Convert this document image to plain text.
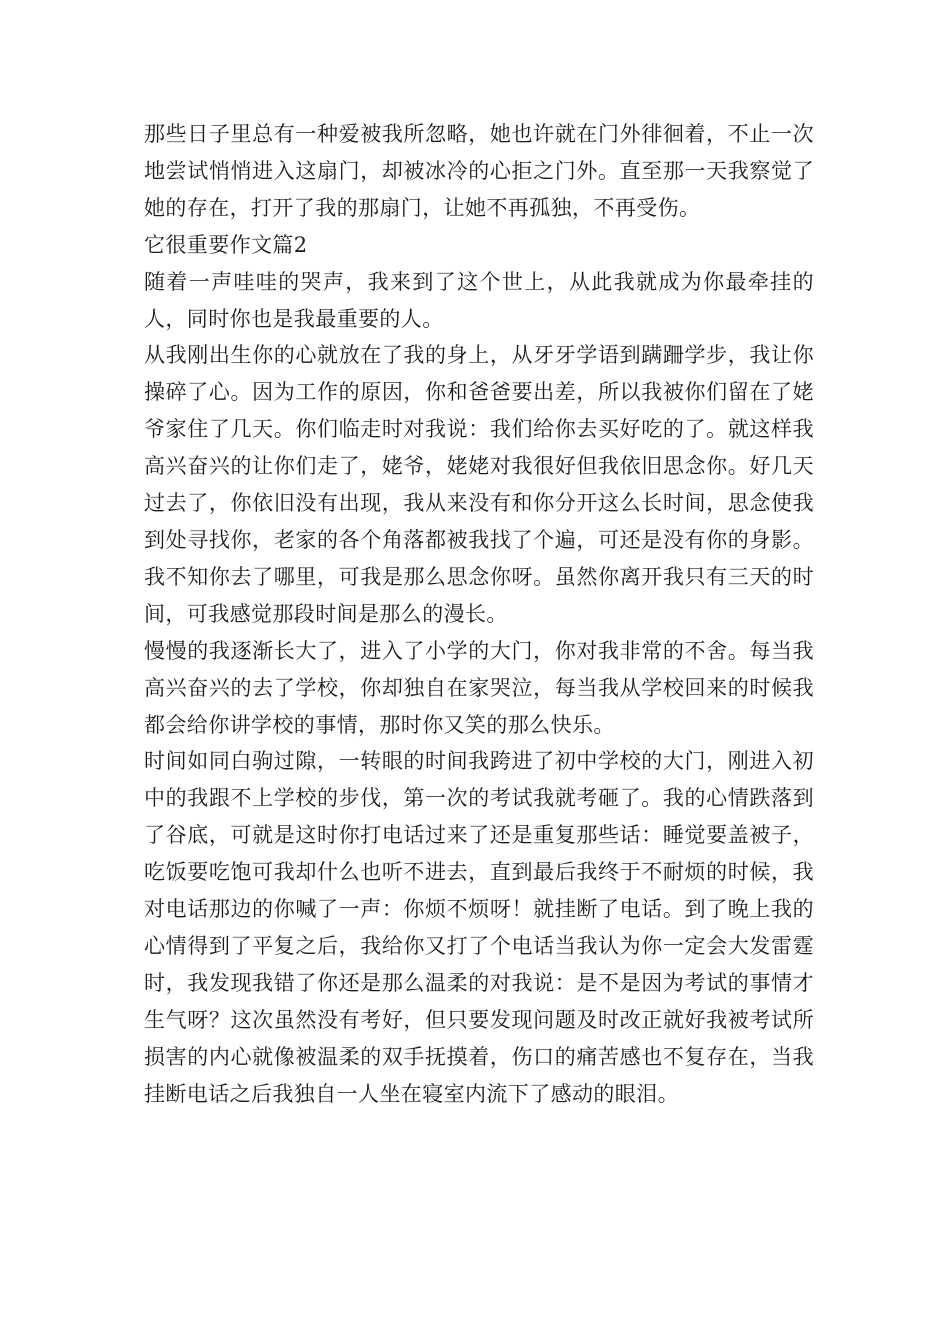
那些日子里总有一种爱被我所忽略，她也许就在门外徘徊着，不止一次地尝试悄悄进入这扇门，却被冰冷的心拒之门外。直至那一天我察觉了她的存在，打开了我的那扇门，让她不再孤独，不再受伤。

它很重要作文篇2

随着一声哇哇的哭声，我来到了这个世上，从此我就成为你最牵挂的人，同时你也是我最重要的人。

从我刚出生你的心就放在了我的身上，从牙牙学语到蹒跚学步，我让你操碎了心。因为工作的原因，你和爸爸要出差，所以我被你们留在了姥爷家住了几天。你们临走时对我说：我们给你去买好吃的了。就这样我高兴奋兴的让你们走了，姥爷，姥姥对我很好但我依旧思念你。好几天过去了，你依旧没有出现，我从来没有和你分开这么长时间，思念使我到处寻找你，老家的各个角落都被我找了个遍，可还是没有你的身影。我不知你去了哪里，可我是那么思念你呀。虽然你离开我只有三天的时间，可我感觉那段时间是那么的漫长。

慢慢的我逐渐长大了，进入了小学的大门，你对我非常的不舍。每当我高兴奋兴的去了学校，你却独自在家哭泣，每当我从学校回来的时候我都会给你讲学校的事情，那时你又笑的那么快乐。

时间如同白驹过隙，一转眼的时间我跨进了初中学校的大门，刚进入初中的我跟不上学校的步伐，第一次的考试我就考砸了。我的心情跌落到了谷底，可就是这时你打电话过来了还是重复那些话：睡觉要盖被子，吃饭要吃饱可我却什么也听不进去，直到最后我终于不耐烦的时候，我对电话那边的你喊了一声：你烦不烦呀！就挂断了电话。到了晚上我的心情得到了平复之后，我给你又打了个电话当我认为你一定会大发雷霆时，我发现我错了你还是那么温柔的对我说：是不是因为考试的事情才生气呀？这次虽然没有考好，但只要发现问题及时改正就好我被考试所损害的内心就像被温柔的双手抚摸着，伤口的痛苦感也不复存在，当我挂断电话之后我独自一人坐在寝室内流下了感动的眼泪。
